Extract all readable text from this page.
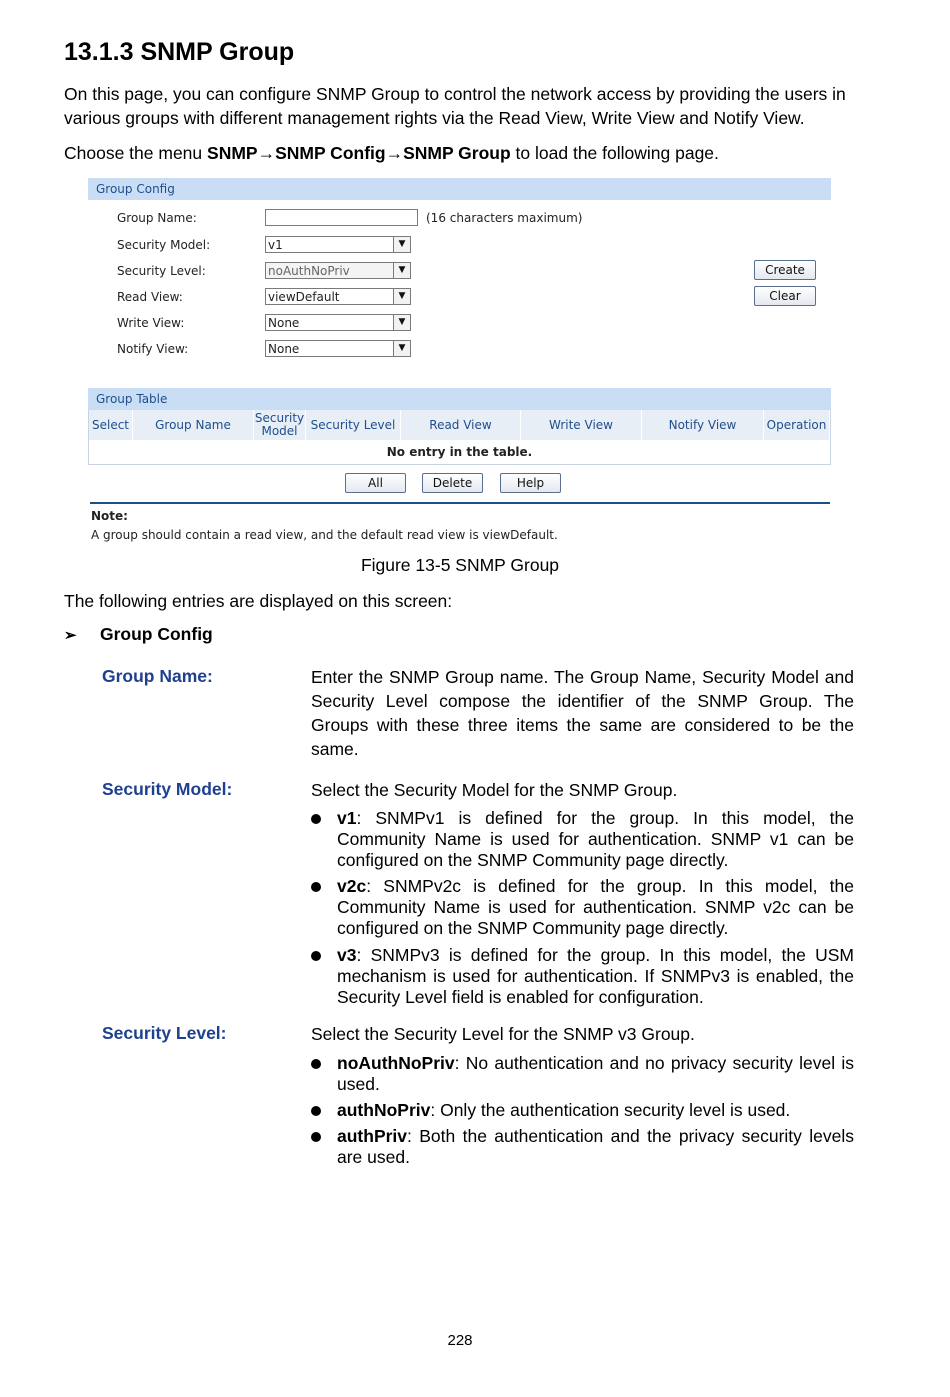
13.1.3 SNMP Group

On this page, you can configure SNMP Group to control the network access by providing the users in various groups with different management rights via the Read View, Write View and Notify View.

Choose the menu SNMP→SNMP Config→SNMP Group to load the following page.

Group Config
Group Name:	(16 characters maximum)
Security Model:	v1	▼
Security Level:	noAuthNoPriv	▼
Read View:	viewDefault	▼
Write View:	None	▼
Notify View:	None	▼
Create
Clear
Group Table
Select	Group Name	Security Model	Security Level	Read View	Write View	Notify View	Operation
No entry in the table.
All	Delete	Help
Note:
A group should contain a read view, and the default read view is viewDefault.
Figure 13-5 SNMP Group

The following entries are displayed on this screen:

➢ Group Config
Group Name:	Enter the SNMP Group name. The Group Name, Security Model and Security Level compose the identifier of the SNMP Group. The Groups with these three items the same are considered to be the same.
Security Model:	Select the Security Model for the SNMP Group.
v1: SNMPv1 is defined for the group. In this model, the Community Name is used for authentication. SNMP v1 can be configured on the SNMP Community page directly.
v2c: SNMPv2c is defined for the group. In this model, the Community Name is used for authentication. SNMP v2c can be configured on the SNMP Community page directly.
v3: SNMPv3 is defined for the group. In this model, the USM mechanism is used for authentication. If SNMPv3 is enabled, the Security Level field is enabled for configuration.
Security Level:	Select the Security Level for the SNMP v3 Group.
noAuthNoPriv: No authentication and no privacy security level is used.
authNoPriv: Only the authentication security level is used.
authPriv: Both the authentication and the privacy security levels are used.
228
